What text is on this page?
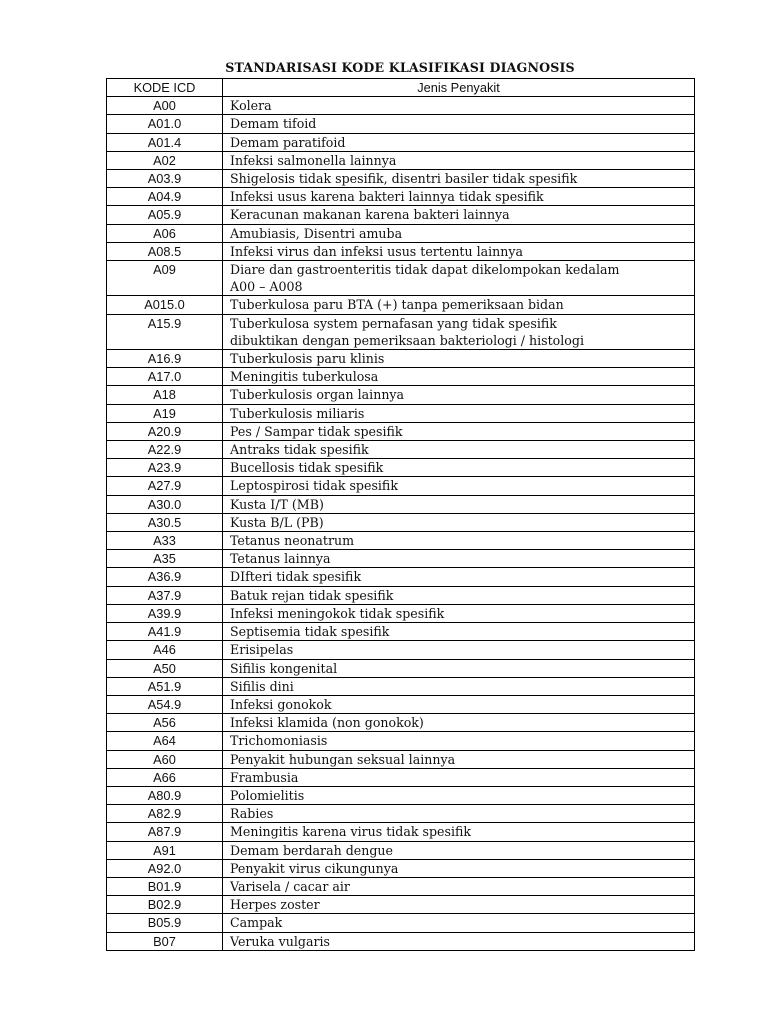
STANDARISASI KODE KLASIFIKASI DIAGNOSIS
KODE ICD	Jenis Penyakit
A00	Kolera
A01.0	Demam tifoid
A01.4	Demam paratifoid
A02	Infeksi salmonella lainnya
A03.9	Shigelosis tidak spesifik, disentri basiler tidak spesifik
A04.9	Infeksi usus karena bakteri lainnya tidak spesifik
A05.9	Keracunan makanan karena bakteri lainnya
A06	Amubiasis, Disentri amuba
A08.5	Infeksi virus dan infeksi usus tertentu lainnya
A09	Diare dan gastroenteritis tidak dapat dikelompokan kedalam
A00 – A008
A015.0	Tuberkulosa paru BTA (+) tanpa pemeriksaan bidan
A15.9	Tuberkulosa system pernafasan yang tidak spesifik
dibuktikan dengan pemeriksaan bakteriologi / histologi
A16.9	Tuberkulosis paru klinis
A17.0	Meningitis tuberkulosa
A18	Tuberkulosis organ lainnya
A19	Tuberkulosis miliaris
A20.9	Pes / Sampar tidak spesifik
A22.9	Antraks tidak spesifik
A23.9	Bucellosis tidak spesifik
A27.9	Leptospirosi tidak spesifik
A30.0	Kusta I/T (MB)
A30.5	Kusta B/L (PB)
A33	Tetanus neonatrum
A35	Tetanus lainnya
A36.9	DIfteri tidak spesifik
A37.9	Batuk rejan tidak spesifik
A39.9	Infeksi meningokok tidak spesifik
A41.9	Septisemia tidak spesifik
A46	Erisipelas
A50	Sifilis kongenital
A51.9	Sifilis dini
A54.9	Infeksi gonokok
A56	Infeksi klamida (non gonokok)
A64	Trichomoniasis
A60	Penyakit hubungan seksual lainnya
A66	Frambusia
A80.9	Polomielitis
A82.9	Rabies
A87.9	Meningitis karena virus tidak spesifik
A91	Demam berdarah dengue
A92.0	Penyakit virus cikungunya
B01.9	Varisela / cacar air
B02.9	Herpes zoster
B05.9	Campak
B07	Veruka vulgaris
